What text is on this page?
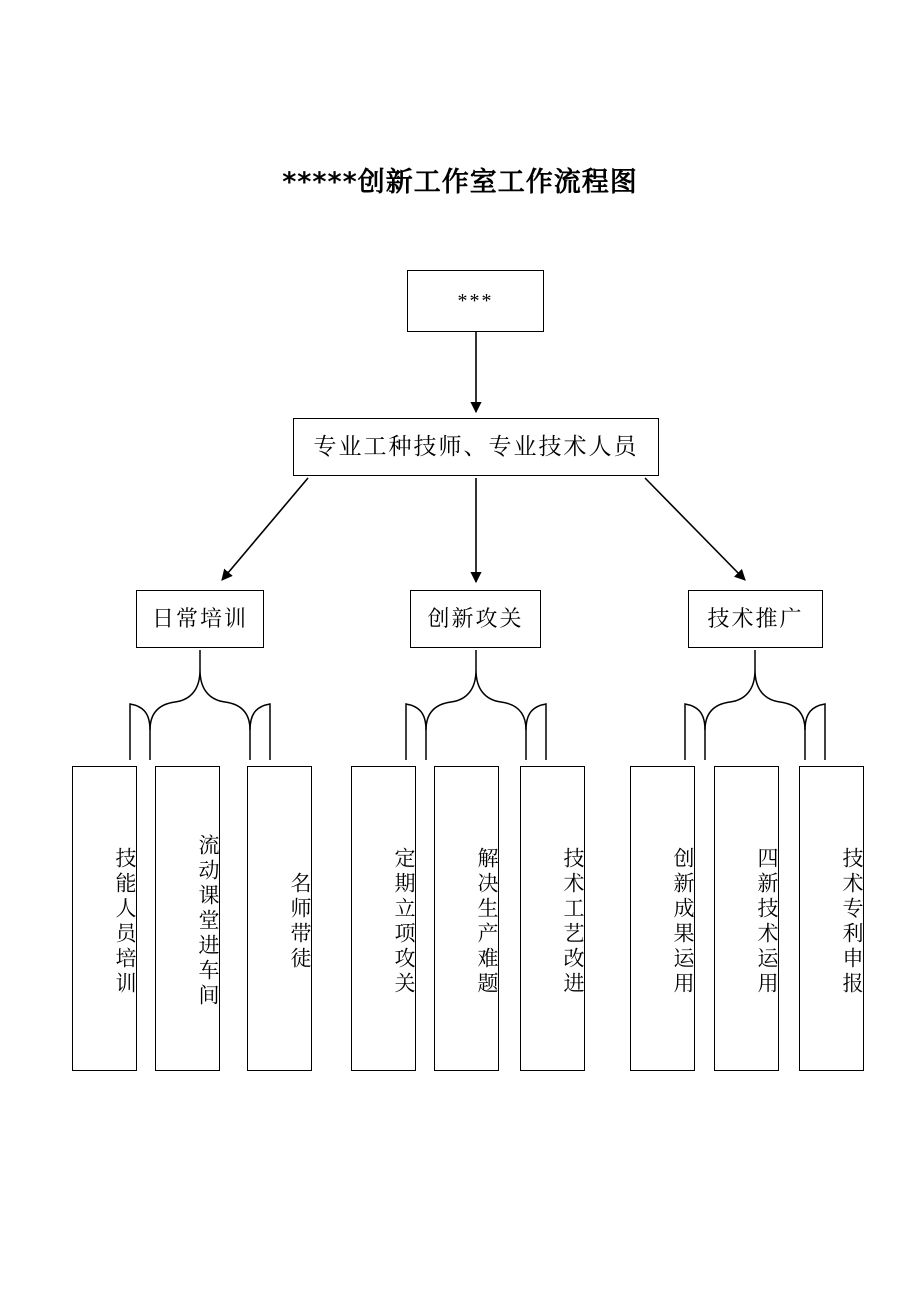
*****创新工作室工作流程图
***
专业工种技师、专业技术人员
日常培训	创新攻关	技术推广
技能人员培训	流动课堂进车间	名师带徒	定期立项攻关	解决生产难题	技术工艺改进	创新成果运用	四新技术运用	技术专利申报
